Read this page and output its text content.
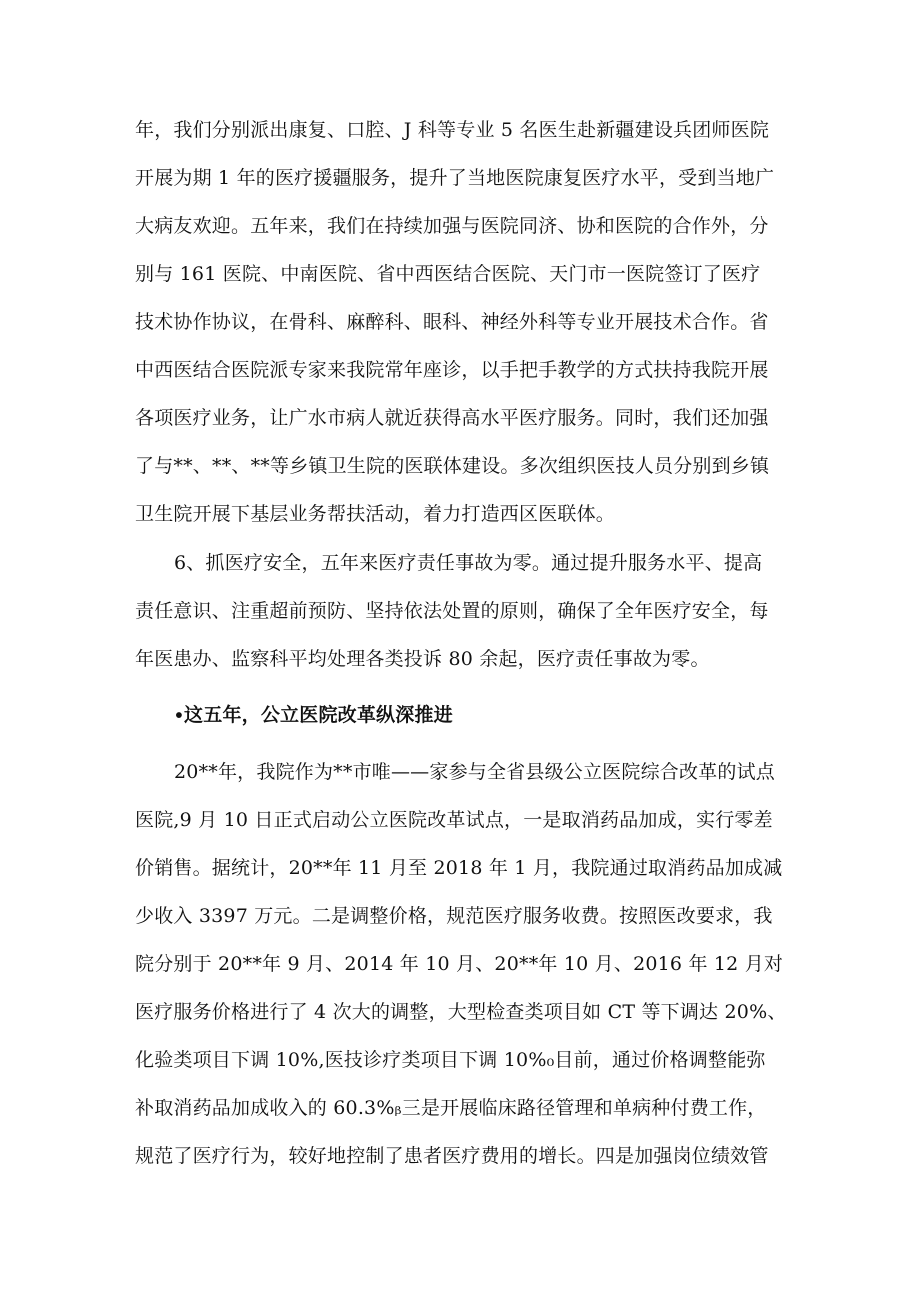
年，我们分别派出康复、口腔、J 科等专业 5 名医生赴新疆建设兵团师医院
开展为期 1 年的医疗援疆服务，提升了当地医院康复医疗水平，受到当地广
大病友欢迎。五年来，我们在持续加强与医院同济、协和医院的合作外，分
别与 161 医院、中南医院、省中西医结合医院、天门市一医院签订了医疗
技术协作协议，在骨科、麻醉科、眼科、神经外科等专业开展技术合作。省
中西医结合医院派专家来我院常年座诊，以手把手教学的方式扶持我院开展
各项医疗业务，让广水市病人就近获得高水平医疗服务。同时，我们还加强
了与**、**、**等乡镇卫生院的医联体建设。多次组织医技人员分别到乡镇
卫生院开展下基层业务帮扶活动，着力打造西区医联体。
6、抓医疗安全，五年来医疗责任事故为零。通过提升服务水平、提高
责任意识、注重超前预防、坚持依法处置的原则，确保了全年医疗安全，每
年医患办、监察科平均处理各类投诉 80 余起，医疗责任事故为零。
∙这五年，公立医院改革纵深推进
20**年，我院作为**市唯——家参与全省县级公立医院综合改革的试点
医院,9 月 10 日正式启动公立医院改革试点，一是取消药品加成，实行零差
价销售。据统计，20**年 11 月至 2018 年 1 月，我院通过取消药品加成减
少收入 3397 万元。二是调整价格，规范医疗服务收费。按照医改要求，我
院分别于 20**年 9 月、2014 年 10 月、20**年 10 月、2016 年 12 月对
医疗服务价格进行了 4 次大的调整，大型检查类项目如 CT 等下调达 20%、
化验类项目下调 10%,医技诊疗类项目下调 10%₀目前，通过价格调整能弥
补取消药品加成收入的 60.3%ᵦ三是开展临床路径管理和单病种付费工作，
规范了医疗行为，较好地控制了患者医疗费用的增长。四是加强岗位绩效管
